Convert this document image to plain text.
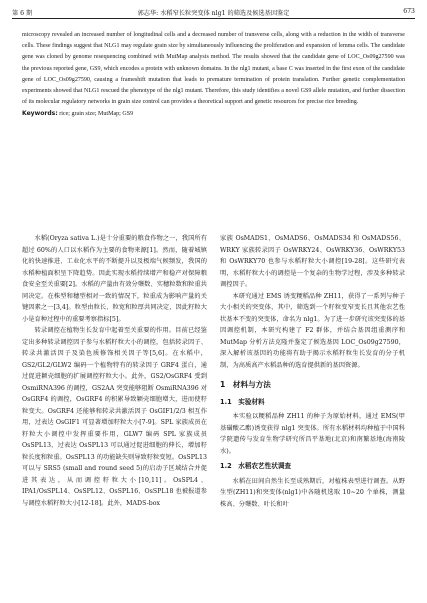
第 6 期	郭志华: 水稻窄长粒突变体 nlg1 的筛选及候选基因鉴定	673

microscopy revealed an increased number of longitudinal cells and a decreased number of transverse cells, along with a reduction in the width of transverse cells. These findings suggest that NLG1 may regulate grain size by simultaneously influencing the proliferation and expansion of lemma cells. The candidate gene was cloned by genome resequencing combined with MutMap analysis method. The results showed that the candidate gene of LOC_Os09g27590 was the previous reported gene, GS9, which encodes a protein with unknown domains. In the nlg1 mutant, a base C was inserted in the first exon of the candidate gene of LOC_Os09g27590, causing a frameshift mutation that leads to premature termination of protein translation. Further genetic complementation experiments showed that NLG1 rescued the phenotype of the nlg1 mutant. Therefore, this study identifies a novel GS9 allele mutation, and further dissection of its molecular regulatory networks in grain size control can provides a theoretical support and genetic resources for precise rice breeding.

Keywords: rice; grain size; MutMap; GS9

水稻(Oryza sativa L.)是十分重要的粮食作物之一，我国所有超过 60%的人口以水稻作为主要的食物来源[1]。然而，随着城镇化的快速推进、工业化水平的不断提升以及极端气候频发，我国的水稻种植面积呈下降趋势。因此实现水稻持续增产和稳产对保障粮食安全至关重要[2]。水稻的产量由有效分蘖数、实穗粒数和粒重共同决定。在株型和穗型相对一致的情况下，粒重成为影响产量的关键因素之一[3,4]。粒型由粒长、粒宽和粒厚共同决定，因此籽粒大小是育种过程中的重要考察指标[5]。

转录调控在植物生长发育中起着至关重要的作用。目前已经鉴定出多种转录调控因子参与水稻籽粒大小的调控，包括转录因子、转录共激活因子及染色质修饰相关因子等[5,6]。在水稻中，GS2/GL2/GLW2 编码一个植物特有的转录因子 GRF4 蛋白，通过促进颖壳细胞的扩展调控籽粒大小。此外，GS2/OsGRF4 受到 OsmiRNA396 的调控，GS2AA 突变能够阻断 OsmiRNA396 对 OsGRF4 的调控，OsGRF4 的积累导致颖壳细胞增大，进而使籽粒变大。OsGRF4 还能够和转录共激活因子 OsGIF1/2/3 相互作用，过表达 OsGIF1 可显著增加籽粒大小[7-9]。SPL 家族成员在籽粒大小调控中发挥重要作用，GLW7 编码 SPL 家族成员 OsSPL13，过表达 OsSPL13 可以通过促进细胞的伸长，增加籽粒长度和粒重。OsSPL13 的功能缺失则导致籽粒变短。OsSPL13 可以与 SRS5 (small and round seed 5)的启动子区域结合并促进其表达，从而调控籽粒大小[10,11]。OsSPL4、IPA1/OsSPL14、OsSPL12、OsSPL16、OsSPL18 也被报道参与调控水稻籽粒大小[12-18]。此外，MADS-box

家族 OsMADS1、OsMADS6、OsMADS34 和 OsMADS56、WRKY 家族转录因子 OsWRKY24、OsWRKY36、OsWRKY53 和 OsWRKY70 也参与水稻籽粒大小调控[19-28]。这些研究表明，水稻籽粒大小的调控是一个复杂的生物学过程，涉及多种转录调控因子。

本研究通过 EMS 诱变粳稻品种 ZH11，获得了一系列与种子大小相关的突变体，其中，筛选到一个籽粒变窄变长且其他农艺性状基本不变的突变体，命名为 nlg1。为了进一步研究该突变体的基因调控机制，本研究构建了 F2 群体，并结合基因组重测序和 MutMap 分析方法克隆并鉴定了候选基因 LOC_Os09g27590，深入解析该基因的功能将有助于揭示水稻籽粒生长发育的分子机制，为高质高产水稻品种的选育提供新的基因资源。

1　材料与方法
1.1　实验材料

本实验以粳稻品种 ZH11 的种子为原始材料，通过 EMS(甲基磺酸乙酯)诱变获得 nlg1 突变体。所有水稻材料均种植于中国科学院遗传与发育生物学研究所昌平基地(北京)和南繁基地(海南陵水)。

1.2　水稻农艺性状调查

水稻在田间自然生长至成熟期后，对植株表型进行调查。从野生型(ZH11)和突变体(nlg1)中各随机选取 10~20 个单株，测量株高、分蘖数、叶长和叶
